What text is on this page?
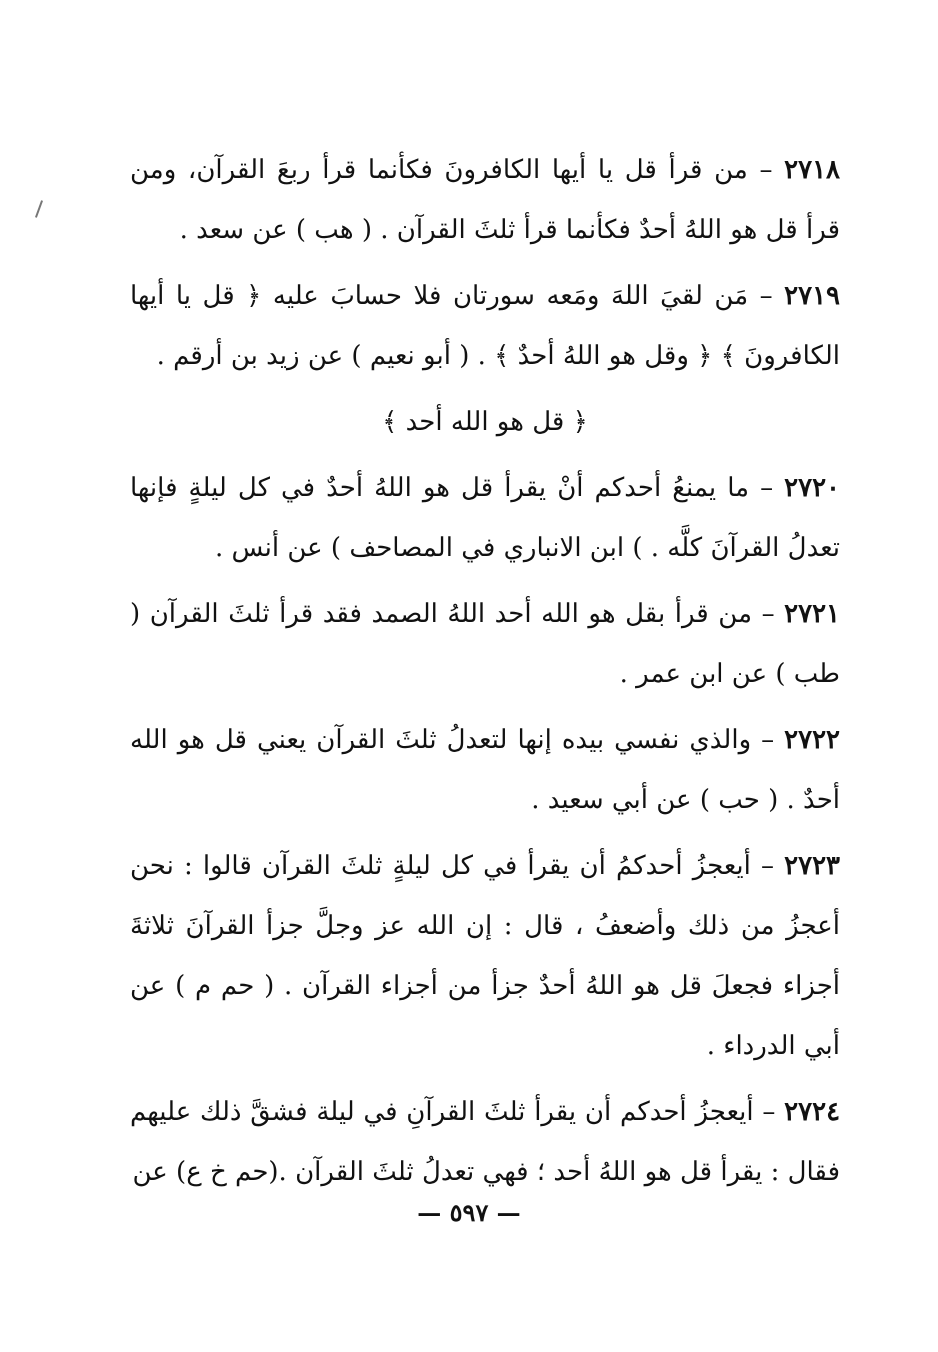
٢٧١٨ – من قرأ قل يا أيها الكافرونَ فكأنما قرأ ربعَ القرآن، ومن قرأ قل هو اللهُ أحدٌ فكأنما قرأ ثلثَ القرآن . ( هب ) عن سعد .

٢٧١٩ – مَن لقيَ اللهَ ومَعه سورتان فلا حسابَ عليه ﴿ قل يا أيها الكافرونَ ﴾ ﴿ وقل هو اللهُ أحدٌ ﴾ . ( أبو نعيم ) عن زيد بن أرقم .

﴿ قل هو الله أحد ﴾

٢٧٢٠ – ما يمنعُ أحدكم أنْ يقرأ قل هو اللهُ أحدٌ في كل ليلةٍ فإنها تعدلُ القرآنَ كلَّه . ) ابن الانباري في المصاحف ) عن أنس .

٢٧٢١ – من قرأ بقل هو الله أحد اللهُ الصمد فقد قرأ ثلثَ القرآن ( طب ) عن ابن عمر .

٢٧٢٢ – والذي نفسي بيده إنها لتعدلُ ثلثَ القرآن يعني قل هو الله أحدٌ . ( حب ) عن أبي سعيد .

٢٧٢٣ – أيعجزُ أحدكمُ أن يقرأ في كل ليلةٍ ثلثَ القرآن قالوا : نحن أعجزُ من ذلك وأضعفُ ، قال : إن الله عز وجلَّ جزأ القرآنَ ثلاثةَ أجزاء فجعلَ قل هو اللهُ أحدٌ جزأ من أجزاء القرآن . ( حم م ) عن أبي الدرداء .

٢٧٢٤ – أيعجزُ أحدكم أن يقرأ ثلثَ القرآنِ في ليلة فشقَّ ذلك عليهم فقال : يقرأ قل هو اللهُ أحد ؛ فهي تعدلُ ثلثَ القرآن .(حم خ ع) عن

— ٥٩٧ —
